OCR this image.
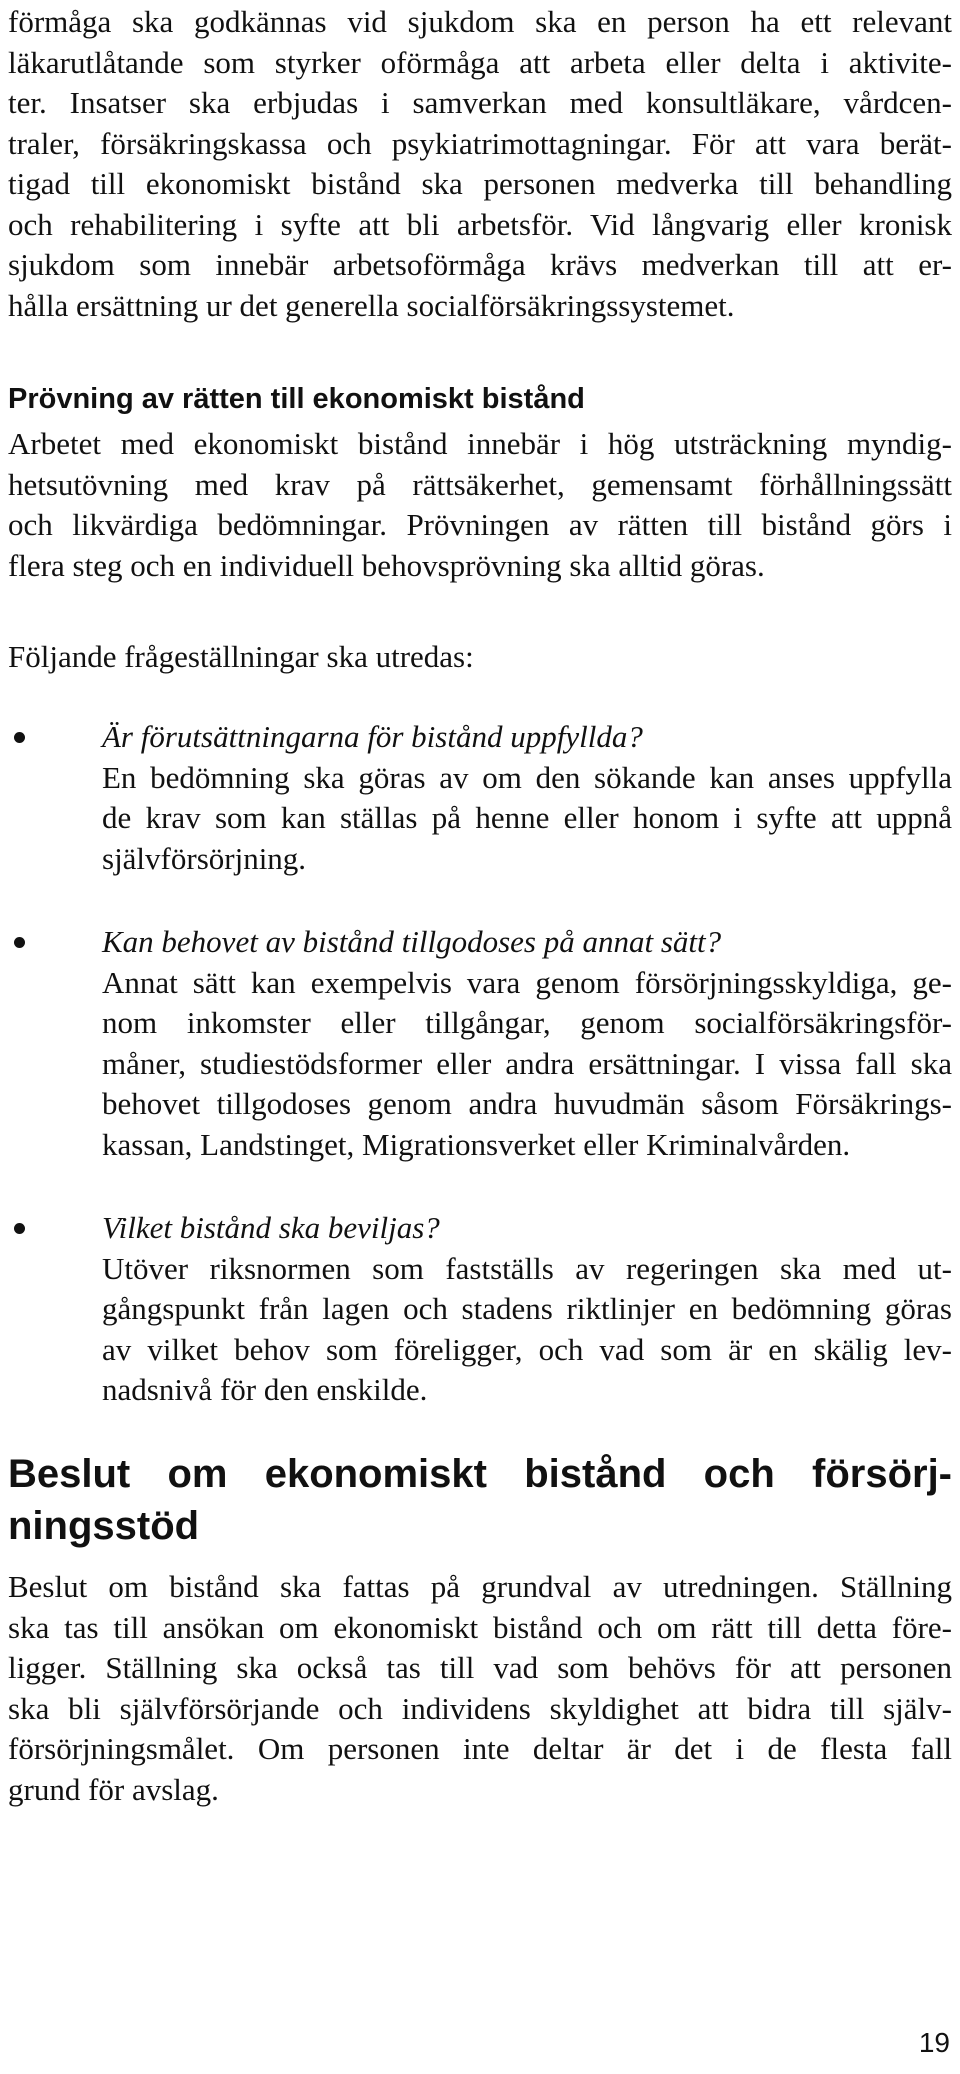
förmåga ska godkännas vid sjukdom ska en person ha ett relevant

läkarutlåtande som styrker oförmåga att arbeta eller delta i aktivite-

ter. Insatser ska erbjudas i samverkan med konsultläkare, vårdcen-

traler, försäkringskassa och psykiatrimottagningar. För att vara berät-

tigad till ekonomiskt bistånd ska personen medverka till behandling

och rehabilitering i syfte att bli arbetsför. Vid långvarig eller kronisk

sjukdom som innebär arbetsoförmåga krävs medverkan till att er-

hålla ersättning ur det generella socialförsäkringssystemet.

Prövning av rätten till ekonomiskt bistånd

Arbetet med ekonomiskt bistånd innebär i hög utsträckning myndig-

hetsutövning med krav på rättsäkerhet, gemensamt förhållningssätt

och likvärdiga bedömningar. Prövningen av rätten till bistånd görs i

flera steg och en individuell behovsprövning ska alltid göras.

Följande frågeställningar ska utredas:

Är förutsättningarna för bistånd uppfyllda?

En bedömning ska göras av om den sökande kan anses uppfylla

de krav som kan ställas på henne eller honom i syfte att uppnå

självförsörjning.

Kan behovet av bistånd tillgodoses på annat sätt?

Annat sätt kan exempelvis vara genom försörjningsskyldiga, ge-

nom inkomster eller tillgångar, genom socialförsäkringsför-

måner, studiestödsformer eller andra ersättningar. I vissa fall ska

behovet tillgodoses genom andra huvudmän såsom Försäkrings-

kassan, Landstinget, Migrationsverket eller Kriminalvården.

Vilket bistånd ska beviljas?

Utöver riksnormen som fastställs av regeringen ska med ut-

gångspunkt från lagen och stadens riktlinjer en bedömning göras

av vilket behov som föreligger, och vad som är en skälig lev-

nadsnivå för den enskilde.

Beslut om ekonomiskt bistånd och försörj-

ningsstöd

Beslut om bistånd ska fattas på grundval av utredningen. Ställning

ska tas till ansökan om ekonomiskt bistånd och om rätt till detta före-

ligger. Ställning ska också tas till vad som behövs för att personen

ska bli självförsörjande och individens skyldighet att bidra till själv-

försörjningsmålet. Om personen inte deltar är det i de flesta fall

grund för avslag.

19
